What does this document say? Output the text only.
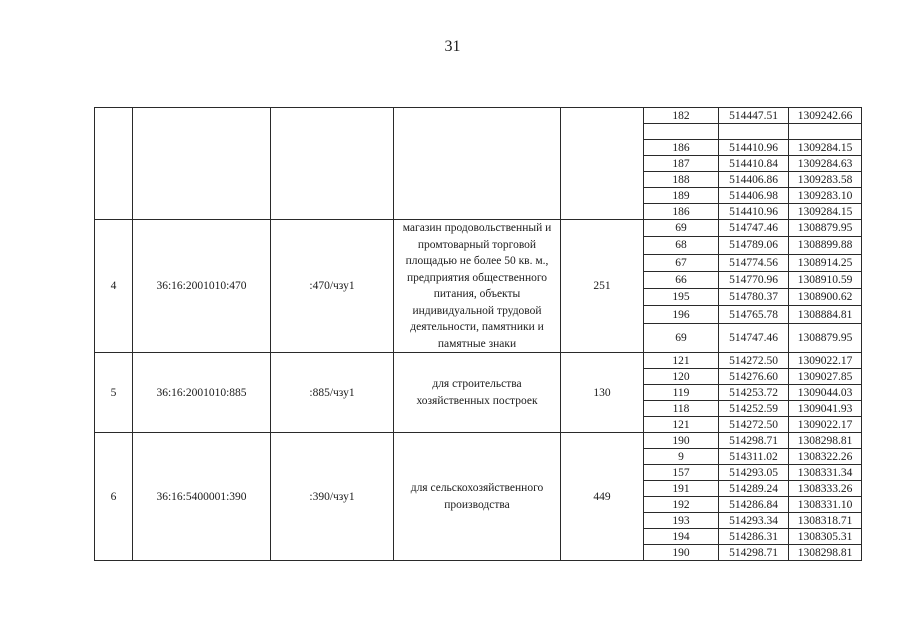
31
					182	514447.51	1309242.66

					186	514410.96	1309284.15
					187	514410.84	1309284.63
					188	514406.86	1309283.58
					189	514406.98	1309283.10
					186	514410.96	1309284.15
4	36:16:2001010:470	:470/чзу1	магазин продовольственный и промтоварный торговой площадью не более 50 кв. м., предприятия общественного питания, объекты индивидуальной трудовой деятельности, памятники и памятные знаки	251	69	514747.46	1308879.95
					68	514789.06	1308899.88
					67	514774.56	1308914.25
					66	514770.96	1308910.59
					195	514780.37	1308900.62
					196	514765.78	1308884.81
					69	514747.46	1308879.95
5	36:16:2001010:885	:885/чзу1	для строительства хозяйственных построек	130	121	514272.50	1309022.17
					120	514276.60	1309027.85
					119	514253.72	1309044.03
					118	514252.59	1309041.93
					121	514272.50	1309022.17
6	36:16:5400001:390	:390/чзу1	для сельскохозяйственного производства	449	190	514298.71	1308298.81
					9	514311.02	1308322.26
					157	514293.05	1308331.34
					191	514289.24	1308333.26
					192	514286.84	1308331.10
					193	514293.34	1308318.71
					194	514286.31	1308305.31
					190	514298.71	1308298.81
